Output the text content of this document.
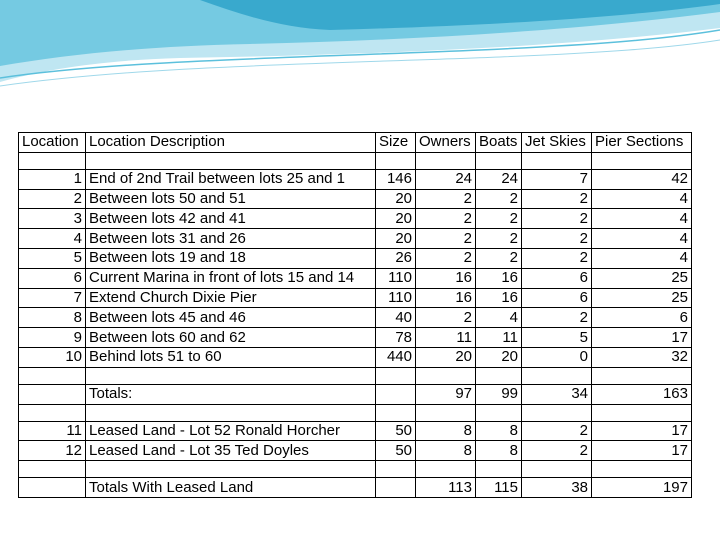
Location	Location Description	Size	Owners	Boats	Jet Skies	Pier Sections

1	End of 2nd Trail between lots 25 and 1	146	24	24	7	42
2	Between lots 50 and 51	20	2	2	2	4
3	Between lots 42 and 41	20	2	2	2	4
4	Between lots 31 and 26	20	2	2	2	4
5	Between lots 19 and 18	26	2	2	2	4
6	Current Marina in front of lots 15 and 14	110	16	16	6	25
7	Extend Church Dixie Pier	110	16	16	6	25
8	Between lots 45 and 46	40	2	4	2	6
9	Between lots 60 and 62	78	11	11	5	17
10	Behind lots 51 to 60	440	20	20	0	32

	Totals:		97	99	34	163

11	Leased Land - Lot 52 Ronald Horcher	50	8	8	2	17
12	Leased Land - Lot 35 Ted Doyles	50	8	8	2	17

	Totals With Leased Land		113	115	38	197
